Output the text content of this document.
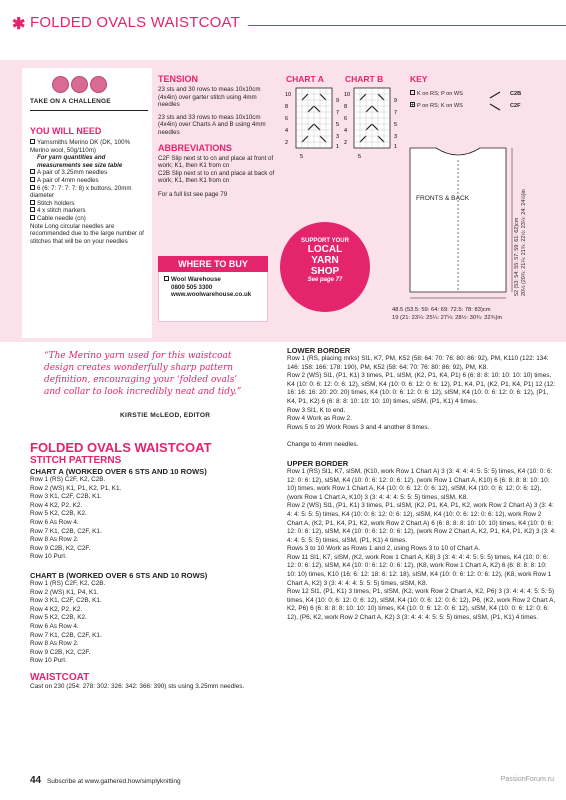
✱ FOLDED OVALS WAISTCOAT
TAKE ON A CHALLENGE
YOU WILL NEED
Yarnsmiths Merino DK (DK, 100% Merino wool, 50g/110m)
For yarn quantities and measurements see size table
A pair of 3.25mm needles
A pair of 4mm needles
6 (6: 7: 7: 7: 7: 8) x buttons, 20mm diameter
Stitch holders
4 x stitch markers
Cable needle (cn)
Note Long circular needles are recommended due to the large number of stitches that will be on your needles
TENSION
23 sts and 30 rows to meas 10x10cm (4x4in) over garter stitch using 4mm needles
23 sts and 33 rows to meas 10x10cm (4x4in) over Charts A and B using 4mm needles
ABBREVIATIONS
C2F Slip next st to cn and place at front of work; K1, then K1 from cn
C2B Slip next st to cn and place at back of work; K1, then K1 from cn
For a full list see page 79
WHERE TO BUY
Wool Warehouse
0800 505 3300
www.woolwarehouse.co.uk
CHART A CHART B	KEY
10
8
6
4
2
9
7
5
3
1
10
8
6
4
2
9
7
5
3
1
5	5
K on RS; P on WS	C2B
P on RS; K on WS	C2F
FRONTS & BACK
48.5 (53.5: 59: 64: 69: 72.5: 78: 83)cm
19 (21: 23¼: 25¼: 27¼: 28½: 30¾: 32¾)in
52 (53: 54: 55: 57: 59: 61: 62)cm 20½ (20¾: 21¼: 21¾: 22½: 23¼: 24: 24½)in
SUPPORT YOUR
LOCAL
YARN
SHOP
See page 77
“The Merino yarn used for this waistcoat design creates wonderfully sharp pattern definition, encouraging your ‘folded ovals’ and collar to look incredibly neat and tidy.”
KIRSTIE McLEOD, EDITOR
FOLDED OVALS WAISTCOAT
STITCH PATTERNS
CHART A (WORKED OVER 6 STS AND 10 ROWS)
Row 1 (RS) C2F, K2, C2B.
Row 2 (WS) K1, P1, K2, P1, K1.
Row 3 K1, C2F, C2B, K1.
Row 4 K2, P2, K2.
Row 5 K2, C2B, K2.
Row 6 As Row 4.
Row 7 K1, C2B, C2F, K1.
Row 8 As Row 2.
Row 9 C2B, K2, C2F.
Row 10 Purl.
CHART B (WORKED OVER 6 STS AND 10 ROWS)
Row 1 (RS) C2F, K2, C2B.
Row 2 (WS) K1, P4, K1.
Row 3 K1, C2F, C2B, K1.
Row 4 K2, P2, K2.
Row 5 K2, C2B, K2.
Row 6 As Row 4.
Row 7 K1, C2B, C2F, K1.
Row 8 As Row 2.
Row 9 C2B, K2, C2F.
Row 10 Purl.
WAISTCOAT
Cast on 230 (254: 278: 302: 326: 342: 366: 390) sts using 3.25mm needles.
LOWER BORDER
Row 1 (RS, placing mrks) Sl1, K7, PM, K52 (58: 64: 70: 76: 80: 86: 92), PM, K110 (122: 134: 146: 158: 166: 178: 190), PM, K52 (58: 64: 70: 76: 80: 86: 92), PM, K8.
Row 2 (WS) Sl1, (P1, K1) 3 times, P1, slSM, (K2, P1, K4, P1) 6 (6: 8: 8: 10: 10: 10: 10) times, K4 (10: 0: 6: 12: 0: 6: 12), slSM, K4 (10: 0: 6: 12: 0: 6: 12), P1, K4, P1, (K2, P1, K4, P1) 12 (12: 16: 16: 16: 20: 20: 20) times, K4 (10: 0: 6: 12: 0: 6: 12), slSM, K4 (10: 0: 6: 12: 0: 6: 12), (P1, K4, P1, K2) 6 (6: 8: 8: 10: 10: 10: 10) times, slSM, (P1, K1) 4 times.
Row 3 Sl1, K to end.
Row 4 Work as Row 2.
Rows 5 to 20 Work Rows 3 and 4 another 8 times.
Change to 4mm needles.
UPPER BORDER
Row 1 (RS) Sl1, K7, slSM, (K10, work Row 1 Chart A) 3 (3: 4: 4: 4: 5: 5: 5) times, K4 (10: 0: 6: 12: 0: 6: 12), slSM, K4 (10: 0: 6: 12: 0: 6: 12), (work Row 1 Chart A, K10) 6 (6: 8: 8: 8: 10: 10: 10) times, work Row 1 Chart A, K4 (10: 0: 6: 12: 0: 6: 12), slSM, K4 (10: 0: 6: 12: 0: 6: 12), (work Row 1 Chart A, K10) 3 (3: 4: 4: 4: 5: 5: 5) times, slSM, K8.
Row 2 (WS) Sl1, (P1, K1) 3 times, P1, slSM, (K2, P1, K4, P1, K2, work Row 2 Chart A) 3 (3: 4: 4: 4: 5: 5: 5) times, K4 (10: 0: 6: 12: 0: 6: 12), slSM, K4 (10: 0: 6: 12: 0: 6: 12), work Row 2 Chart A, (K2, P1, K4, P1, K2, work Row 2 Chart A) 6 (6: 8: 8: 8: 10: 10: 10) times, K4 (10: 0: 6: 12: 0: 6: 12), slSM, K4 (10: 0: 6: 12: 0: 6: 12), (work Row 2 Chart A, K2, P1, K4, P1, K2) 3 (3: 4: 4: 4: 5: 5: 5) times, slSM, (P1, K1) 4 times.
Rows 3 to 10 Work as Rows 1 and 2, using Rows 3 to 10 of Chart A.
Row 11 Sl1, K7, slSM, (K2, work Row 1 Chart A, K8) 3 (3: 4: 4: 4: 5: 5: 5) times, K4 (10: 0: 6: 12: 0: 6: 12), slSM, K4 (10: 0: 6: 12: 0: 6: 12), (K8, work Row 1 Chart A, K2) 6 (6: 8: 8: 8: 10: 10: 10) times, K10 (16: 6: 12: 18: 6: 12: 18), slSM, K4 (10: 0: 6: 12: 0: 6: 12), (K8, work Row 1 Chart A, K2) 3 (3: 4: 4: 4: 5: 5: 5) times, slSM, K8.
Row 12 Sl1, (P1, K1) 3 times, P1, slSM, (K2, work Row 2 Chart A, K2, P6) 3 (3: 4: 4: 4: 5: 5: 5) times, K4 (10: 0: 6: 12: 0: 6: 12), slSM, K4 (10: 0: 6: 12: 0: 6: 12), P6, (K2, work Row 2 Chart A, K2, P6) 6 (6: 8: 8: 8: 10: 10: 10) times, K4 (10: 0: 6: 12: 0: 6: 12), slSM, K4 (10: 0: 6: 12: 0: 6: 12), (P6, K2, work Row 2 Chart A, K2) 3 (3: 4: 4: 4: 5: 5: 5) times, slSM, (P1, K1) 4 times.
44 Subscribe at www.gathered.how/simplyknitting	PassionForum.ru
